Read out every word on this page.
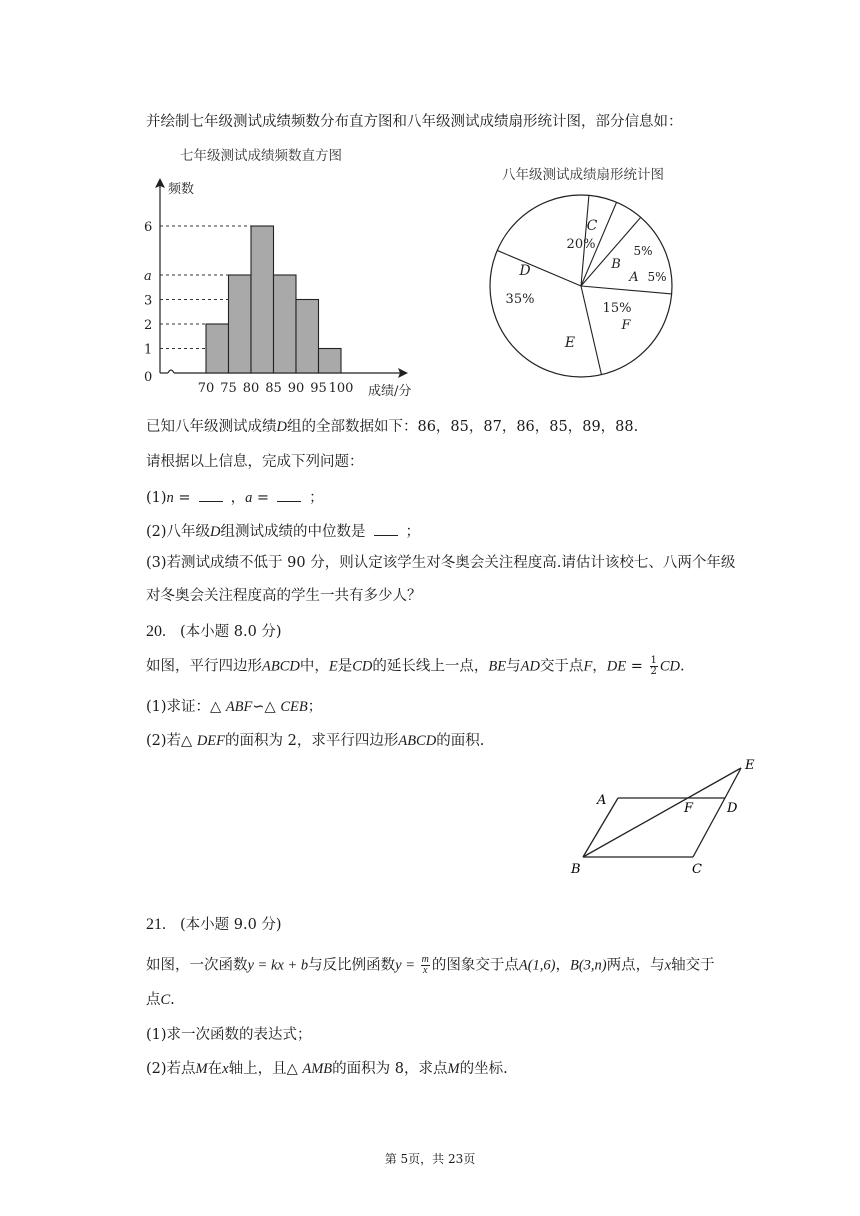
并绘制七年级测试成绩频数分布直方图和八年级测试成绩扇形统计图，部分信息如：
七年级测试成绩频数直方图
0
1
2
3
a
6
70 75 80 85 90 95 100
频数
成绩/分
八年级测试成绩扇形统计图
C
20%
B
5%
A 5%
F
15%
E
D
35%
已知八年级测试成绩D组的全部数据如下：86，85，87，86，85，89，88.
请根据以上信息，完成下列问题：
(1)n =	，a =	；
(2)八年级D组测试成绩的中位数是	；
(3)若测试成绩不低于 90 分，则认定该学生对冬奥会关注程度高.请估计该校七、八两个年级
对冬奥会关注程度高的学生一共有多少人？
20. (本小题 8.0 分)
如图，平行四边形ABCD中，E是CD的延长线上一点，BE与AD交于点F，DE = $\frac{1}{2}$ CD.
(1)求证：△ ABF∽△ CEB；
(2)若△ DEF的面积为 2，求平行四边形ABCD的面积.
A
B	C
D
E
F
21. (本小题 9.0 分)
如图，一次函数y = kx + b与反比例函数$y = \frac{m}{x}$ 的图象交于点A(1,6)，B(3,n)两点，与x轴交于
点C.
(1)求一次函数的表达式；
(2)若点M在x轴上，且△ AMB的面积为 8，求点M的坐标.
第 5页，共 23页
